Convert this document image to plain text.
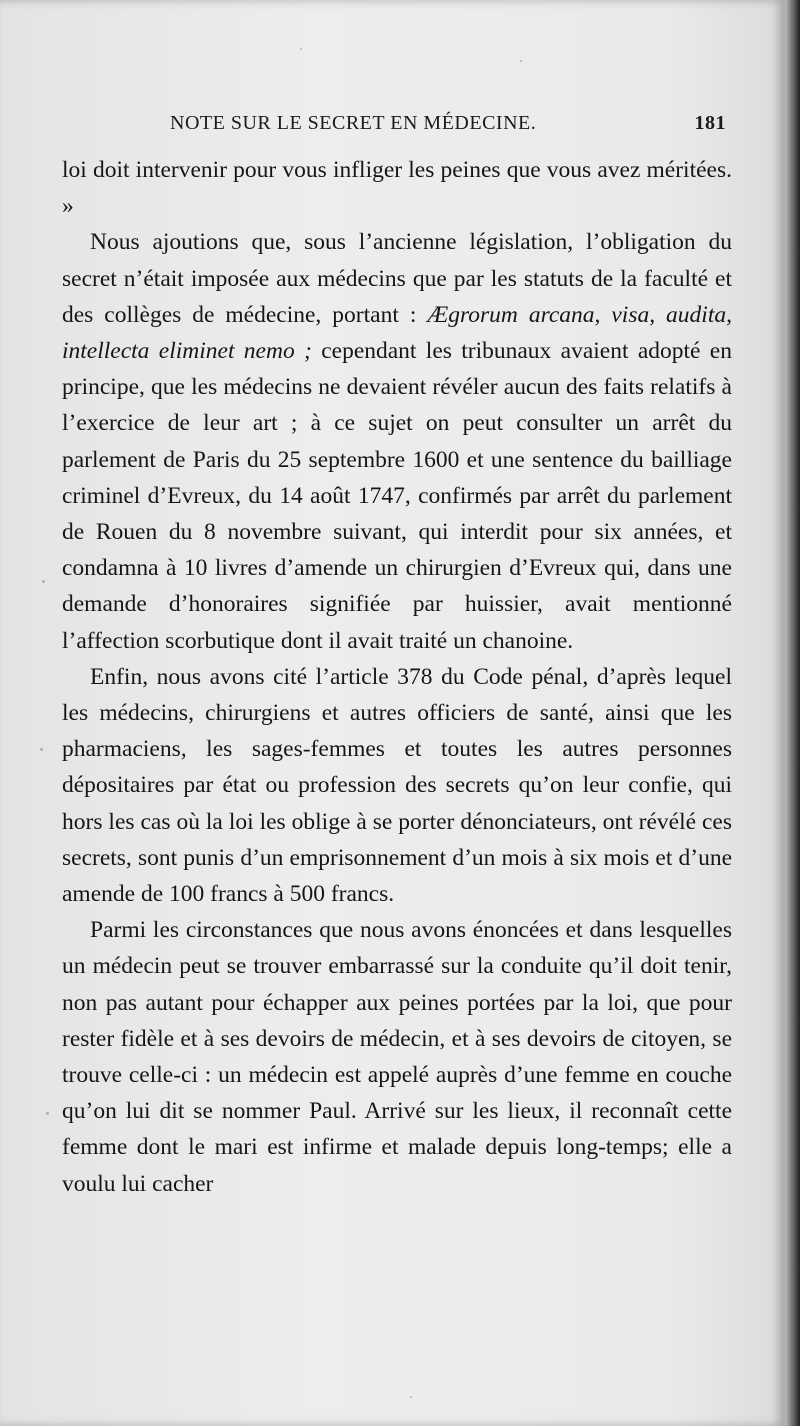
NOTE SUR LE SECRET EN MÉDECINE.	181

loi doit intervenir pour vous infliger les peines que vous avez méritées. »

Nous ajoutions que, sous l’ancienne législation, l’obligation du secret n’était imposée aux médecins que par les statuts de la faculté et des collèges de médecine, portant : Ægrorum arcana, visa, audita, intellecta eliminet nemo ; cependant les tribunaux avaient adopté en principe, que les médecins ne devaient révéler aucun des faits relatifs à l’exercice de leur art ; à ce sujet on peut consulter un arrêt du parlement de Paris du 25 septembre 1600 et une sentence du bailliage criminel d’Evreux, du 14 août 1747, confirmés par arrêt du parlement de Rouen du 8 novembre suivant, qui interdit pour six années, et condamna à 10 livres d’amende un chirurgien d’Evreux qui, dans une demande d’honoraires signifiée par huissier, avait mentionné l’affection scorbutique dont il avait traité un chanoine.

Enfin, nous avons cité l’article 378 du Code pénal, d’après lequel les médecins, chirurgiens et autres officiers de santé, ainsi que les pharmaciens, les sages-femmes et toutes les autres personnes dépositaires par état ou profession des secrets qu’on leur confie, qui hors les cas où la loi les oblige à se porter dénonciateurs, ont révélé ces secrets, sont punis d’un emprisonnement d’un mois à six mois et d’une amende de 100 francs à 500 francs.

Parmi les circonstances que nous avons énoncées et dans lesquelles un médecin peut se trouver embarrassé sur la conduite qu’il doit tenir, non pas autant pour échapper aux peines portées par la loi, que pour rester fidèle et à ses devoirs de médecin, et à ses devoirs de citoyen, se trouve celle-ci : un médecin est appelé auprès d’une femme en couche qu’on lui dit se nommer Paul. Arrivé sur les lieux, il reconnaît cette femme dont le mari est infirme et malade depuis long-temps; elle a voulu lui cacher
